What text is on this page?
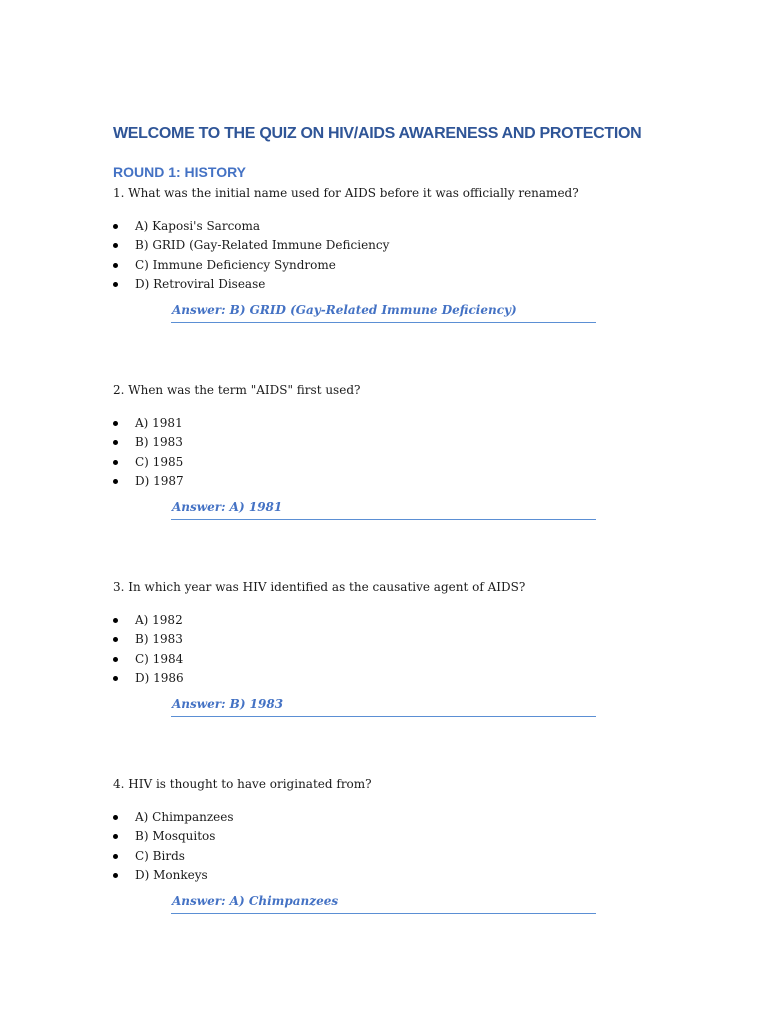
WELCOME TO THE QUIZ ON HIV/AIDS AWARENESS AND PROTECTION
ROUND 1: HISTORY
1. What was the initial name used for AIDS before it was officially renamed?
A) Kaposi's Sarcoma
B) GRID (Gay-Related Immune Deficiency
C) Immune Deficiency Syndrome
D) Retroviral Disease
Answer: B) GRID (Gay-Related Immune Deficiency)
2. When was the term "AIDS" first used?
A) 1981
B) 1983
C) 1985
D) 1987
Answer: A) 1981
3. In which year was HIV identified as the causative agent of AIDS?
A) 1982
B) 1983
C) 1984
D) 1986
Answer: B) 1983
4. HIV is thought to have originated from?
A) Chimpanzees
B) Mosquitos
C) Birds
D) Monkeys
Answer: A) Chimpanzees
